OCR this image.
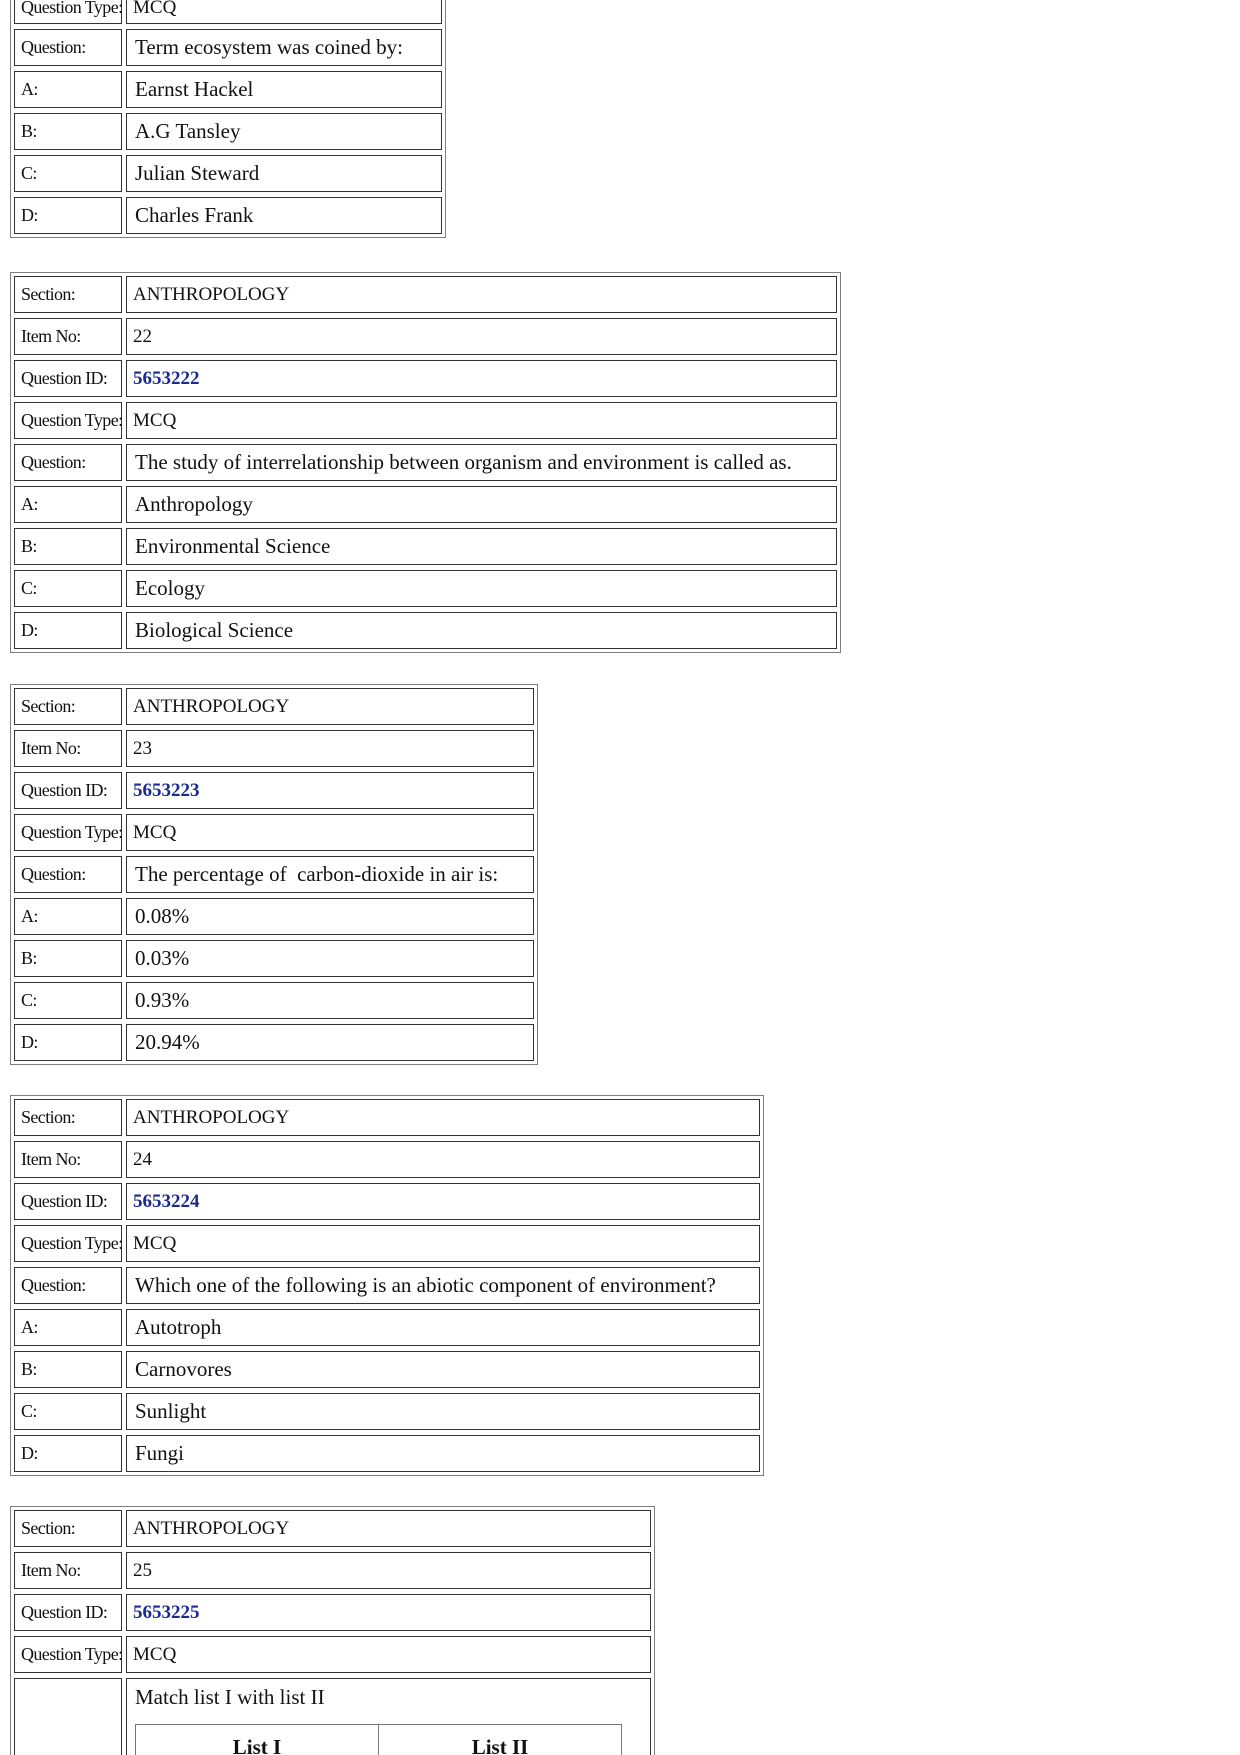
Question Type: MCQ
Question:	Term ecosystem was coined by:
A:	Earnst Hackel
B:	A.G Tansley
C:	Julian Steward
D:	Charles Frank
Section:	ANTHROPOLOGY
Item No:	22
Question ID:	5653222
Question Type: MCQ
Question:	The study of interrelationship between organism and environment is called as.
A:	Anthropology
B:	Environmental Science
C:	Ecology
D:	Biological Science
Section:	ANTHROPOLOGY
Item No:	23
Question ID:	5653223
Question Type: MCQ
Question:	The percentage of  carbon-dioxide in air is:
A:	0.08%
B:	0.03%
C:	0.93%
D:	20.94%
Section:	ANTHROPOLOGY
Item No:	24
Question ID:	5653224
Question Type: MCQ
Question:	Which one of the following is an abiotic component of environment?
A:	Autotroph
B:	Carnovores
C:	Sunlight
D:	Fungi
Section:	ANTHROPOLOGY
Item No:	25
Question ID:	5653225
Question Type: MCQ
Match list I with list II
List I	List II
